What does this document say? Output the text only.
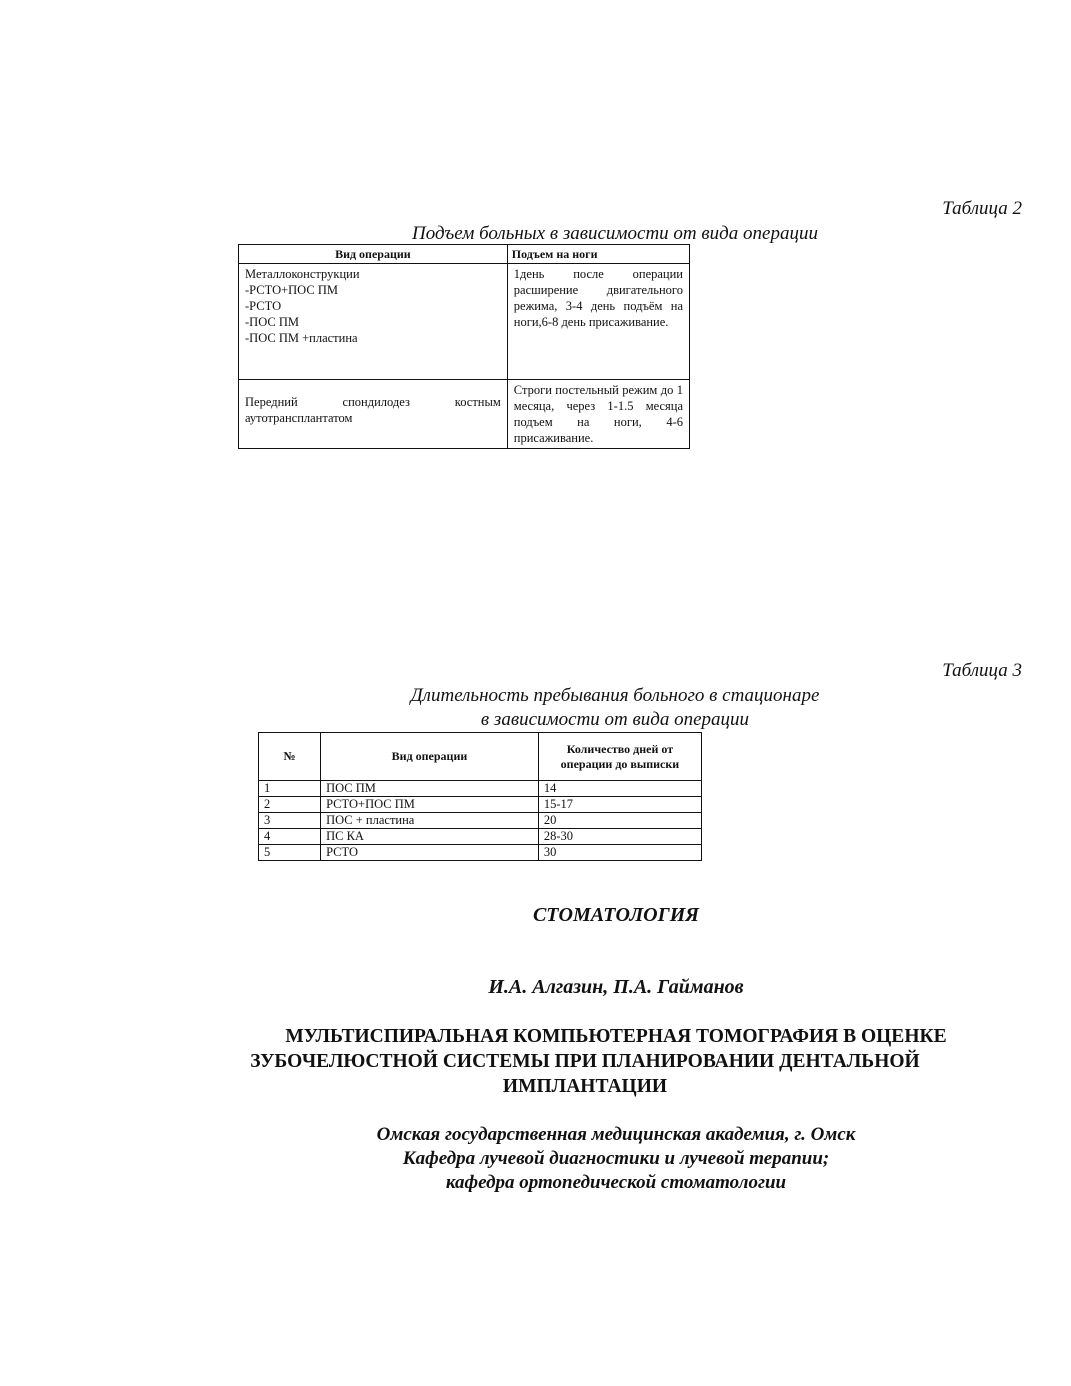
Таблица 2
Подъем больных в зависимости от вида операции
Вид операции	Подъем на ноги

Металлоконструкции
-РСТО+ПОС ПМ
-РСТО
-ПОС ПМ
-ПОС ПМ +пластина	1день после операции расширение двигательного режима, 3-4 день подъём на ноги,6-8 день присаживание.
Передний спондилодез костным аутотрансплантатом	Строги постельный режим до 1 месяца, через 1-1.5 месяца подъем на ноги, 4-6 присаживание.
Таблица 3
Длительность пребывания больного в стационаре
в зависимости от вида операции
№	Вид операции	Количество дней от операции до выписки
1	ПОС ПМ	14
2	РСТО+ПОС ПМ	15-17
3	ПОС + пластина	20
4	ПС КА	28-30
5	РСТО	30
СТОМАТОЛОГИЯ
И.А. Алгазин, П.А. Гайманов
МУЛЬТИСПИРАЛЬНАЯ КОМПЬЮТЕРНАЯ ТОМОГРАФИЯ В ОЦЕНКЕ
ЗУБОЧЕЛЮСТНОЙ СИСТЕМЫ ПРИ ПЛАНИРОВАНИИ ДЕНТАЛЬНОЙ
ИМПЛАНТАЦИИ
Омская государственная медицинская академия, г. Омск
Кафедра лучевой диагностики и лучевой терапии;
кафедра ортопедической стоматологии
